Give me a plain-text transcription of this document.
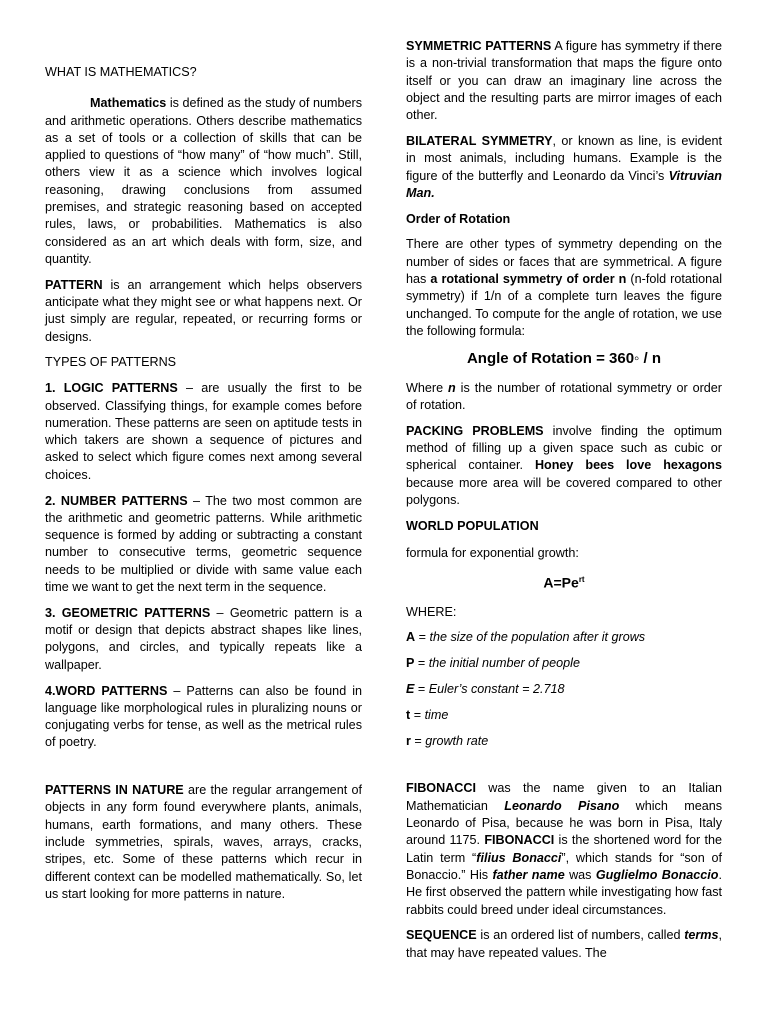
WHAT IS MATHEMATICS?

Mathematics is defined as the study of numbers and arithmetic operations. Others describe mathematics as a set of tools or a collection of skills that can be applied to questions of “how many” of “how much”. Still, others view it as a science which involves logical reasoning, drawing conclusions from assumed premises, and strategic reasoning based on accepted rules, laws, or probabilities. Mathematics is also considered as an art which deals with form, size, and quantity.

PATTERN is an arrangement which helps observers anticipate what they might see or what happens next. Or just simply are regular, repeated, or recurring forms or designs.

TYPES OF PATTERNS

1. LOGIC PATTERNS – are usually the first to be observed. Classifying things, for example comes before numeration. These patterns are seen on aptitude tests in which takers are shown a sequence of pictures and asked to select which figure comes next among several choices.

2. NUMBER PATTERNS – The two most common are the arithmetic and geometric patterns. While arithmetic sequence is formed by adding or subtracting a constant number to consecutive terms, geometric sequence needs to be multiplied or divide with same value each time we want to get the next term in the sequence.

3. GEOMETRIC PATTERNS – Geometric pattern is a motif or design that depicts abstract shapes like lines, polygons, and circles, and typically repeats like a wallpaper.

4.WORD PATTERNS – Patterns can also be found in language like morphological rules in pluralizing nouns or conjugating verbs for tense, as well as the metrical rules of poetry.

PATTERNS IN NATURE are the regular arrangement of objects in any form found everywhere plants, animals, humans, earth formations, and many others. These include symmetries, spirals, waves, arrays, cracks, stripes, etc. Some of these patterns which recur in different context can be modelled mathematically. So, let us start looking for more patterns in nature.

SYMMETRIC PATTERNS A figure has symmetry if there is a non-trivial transformation that maps the figure onto itself or you can draw an imaginary line across the object and the resulting parts are mirror images of each other.

BILATERAL SYMMETRY, or known as line, is evident in most animals, including humans. Example is the figure of the butterfly and Leonardo da Vinci’s Vitruvian Man.

Order of Rotation

There are other types of symmetry depending on the number of sides or faces that are symmetrical. A figure has a rotational symmetry of order n (n-fold rotational symmetry) if 1/n of a complete turn leaves the figure unchanged. To compute for the angle of rotation, we use the following formula:

Angle of Rotation = 360◦ / n

Where n is the number of rotational symmetry or order of rotation.

PACKING PROBLEMS involve finding the optimum method of filling up a given space such as cubic or spherical container. Honey bees love hexagons because more area will be covered compared to other polygons.

WORLD POPULATION

formula for exponential growth:

$A=Pe^{rt}$

WHERE:

A = the size of the population after it grows

P = the initial number of people

E = Euler’s constant = 2.718

t = time

r = growth rate

FIBONACCI was the name given to an Italian Mathematician Leonardo Pisano which means Leonardo of Pisa, because he was born in Pisa, Italy around 1175. FIBONACCI is the shortened word for the Latin term “filius Bonacci”, which stands for “son of Bonaccio.” His father name was Guglielmo Bonaccio. He first observed the pattern while investigating how fast rabbits could breed under ideal circumstances.

SEQUENCE is an ordered list of numbers, called terms, that may have repeated values. The
